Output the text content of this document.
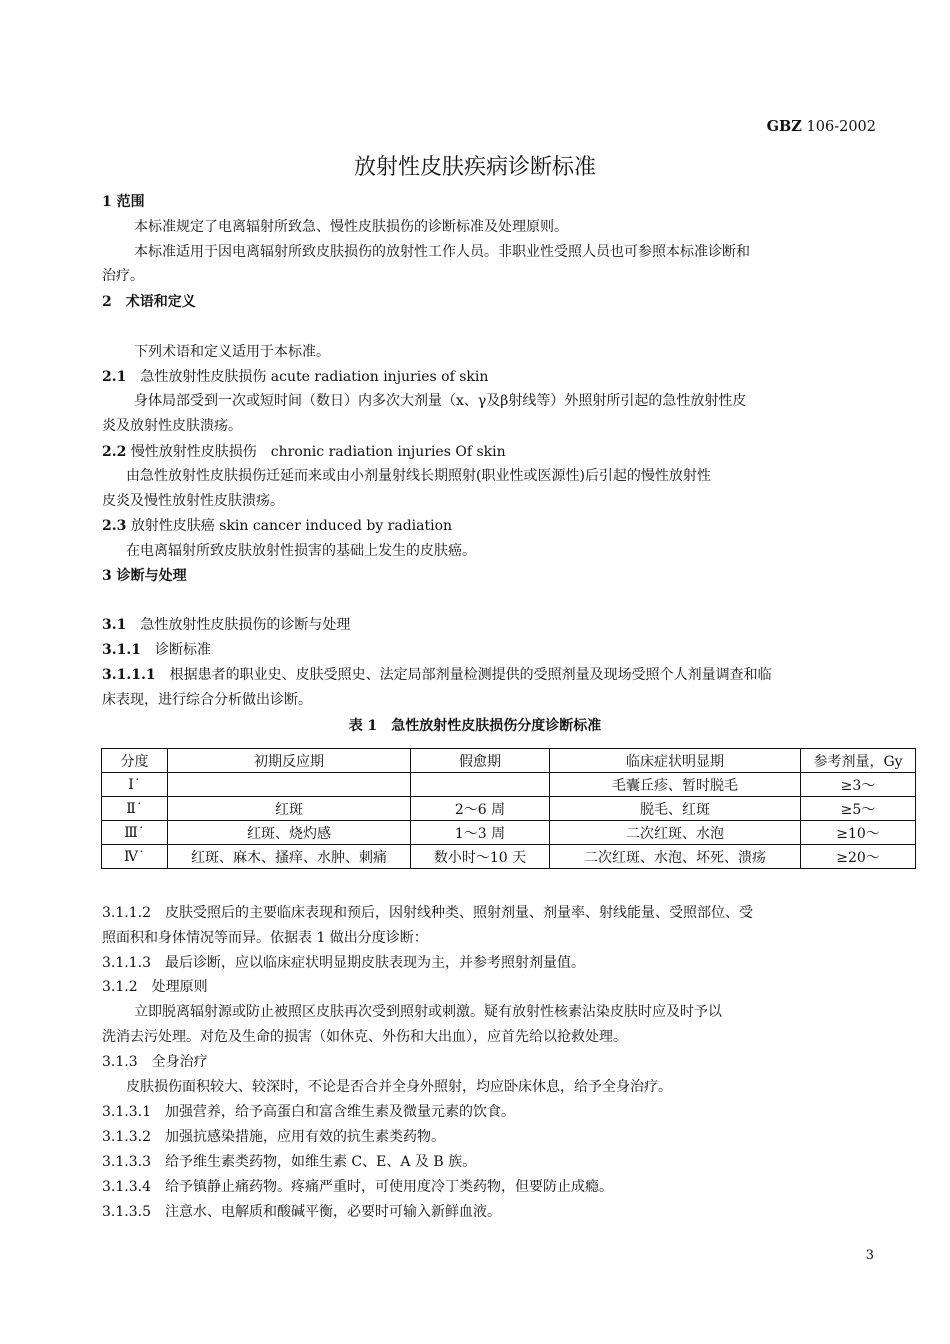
GBZ 106-2002
放射性皮肤疾病诊断标准
1 范围
本标准规定了电离辐射所致急、慢性皮肤损伤的诊断标准及处理原则。
本标准适用于因电离辐射所致皮肤损伤的放射性工作人员。非职业性受照人员也可参照本标准诊断和
治疗。
2 术语和定义
下列术语和定义适用于本标准。
2.1 急性放射性皮肤损伤 acute radiation injuries of skin
身体局部受到一次或短时间（数日）内多次大剂量（x、γ及β射线等）外照射所引起的急性放射性皮
炎及放射性皮肤溃疡。
2.2 慢性放射性皮肤损伤　chronic radiation injuries Of skin
由急性放射性皮肤损伤迁延而来或由小剂量射线长期照射(职业性或医源性)后引起的慢性放射性
皮炎及慢性放射性皮肤溃疡。
2.3 放射性皮肤癌 skin cancer induced by radiation
在电离辐射所致皮肤放射性损害的基础上发生的皮肤癌。
3 诊断与处理
3.1 急性放射性皮肤损伤的诊断与处理
3.1.1 诊断标准
3.1.1.1 根据患者的职业史、皮肤受照史、法定局部剂量检测提供的受照剂量及现场受照个人剂量调查和临
床表现，进行综合分析做出诊断。
表 1　急性放射性皮肤损伤分度诊断标准
分度	初期反应期	假愈期	临床症状明显期	参考剂量，Gy
Ⅰ˙			毛囊丘疹、暂时脱毛	≥3～
Ⅱ˙	红斑	2～6 周	脱毛、红斑	≥5～
Ⅲ˙	红斑、烧灼感	1～3 周	二次红斑、水泡	≥10～
Ⅳ˙	红斑、麻木、搔痒、水肿、刺痛	数小时～10 天	二次红斑、水泡、坏死、溃疡	≥20～
3.1.1.2 皮肤受照后的主要临床表现和预后，因射线种类、照射剂量、剂量率、射线能量、受照部位、受
照面积和身体情况等而异。依据表 1 做出分度诊断：
3.1.1.3 最后诊断，应以临床症状明显期皮肤表现为主，并参考照射剂量值。
3.1.2 处理原则
立即脱离辐射源或防止被照区皮肤再次受到照射或刺激。疑有放射性核素沾染皮肤时应及时予以
洗消去污处理。对危及生命的损害（如休克、外伤和大出血），应首先给以抢救处理。
3.1.3 全身治疗
皮肤损伤面积较大、较深时，不论是否合并全身外照射，均应卧床休息，给予全身治疗。
3.1.3.1 加强营养，给予高蛋白和富含维生素及微量元素的饮食。
3.1.3.2 加强抗感染措施，应用有效的抗生素类药物。
3.1.3.3 给予维生素类药物，如维生素 C、E、A 及 B 族。
3.1.3.4 给予镇静止痛药物。疼痛严重时，可使用度冷丁类药物，但要防止成瘾。
3.1.3.5 注意水、电解质和酸碱平衡，必要时可输入新鲜血液。
3
